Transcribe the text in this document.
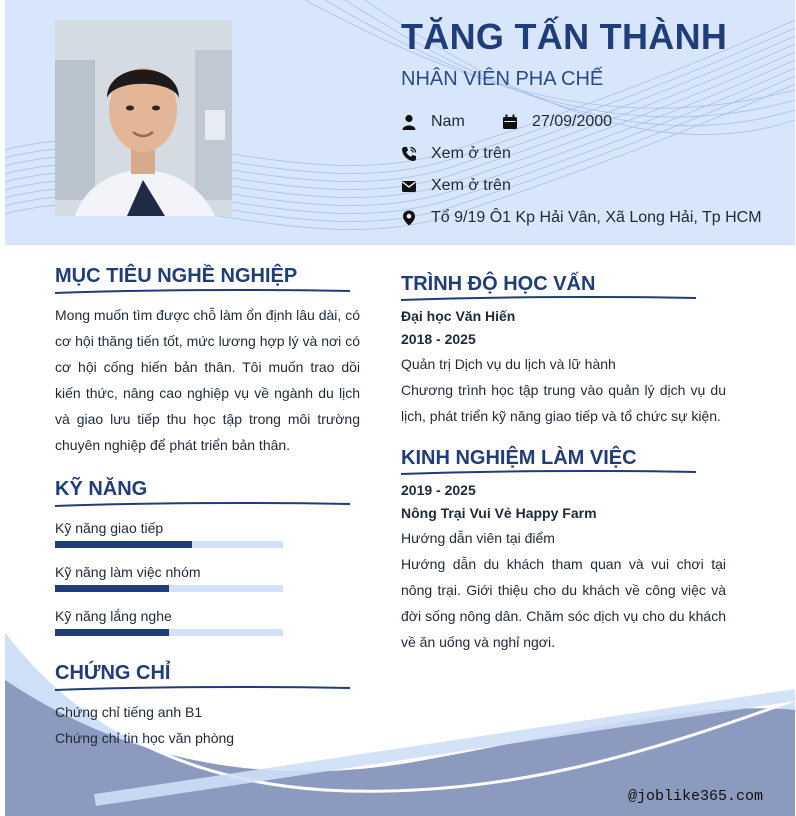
TĂNG TẤN THÀNH
NHÂN VIÊN PHA CHẾ
Nam	27/09/2000
Xem ở trên
Xem ở trên
Tổ 9/19 Ô1 Kp Hải Vân, Xã Long Hải, Tp HCM
MỤC TIÊU NGHỀ NGHIỆP
Mong muốn tìm được chỗ làm ổn định lâu dài, có cơ hội thăng tiến tốt, mức lương hợp lý và nơi có cơ hội cống hiến bản thân. Tôi muốn trao dồi kiến thức, nâng cao nghiệp vụ về ngành du lịch và giao lưu tiếp thu học tập trong môi trường chuyên nghiệp để phát triển bản thân.
KỸ NĂNG
Kỹ năng giao tiếp
Kỹ năng làm việc nhóm
Kỹ năng lắng nghe
CHỨNG CHỈ
Chứng chỉ tiếng anh B1
Chứng chỉ tin học văn phòng
TRÌNH ĐỘ HỌC VẤN
Đại học Văn Hiến
2018 - 2025
Quản trị Dịch vụ du lịch và lữ hành
Chương trình học tập trung vào quản lý dịch vụ du lịch, phát triển kỹ năng giao tiếp và tổ chức sự kiện.
KINH NGHIỆM LÀM VIỆC
2019 - 2025
Nông Trại Vui Vẻ Happy Farm
Hướng dẫn viên tại điểm
Hướng dẫn du khách tham quan và vui chơi tại nông trại. Giới thiệu cho du khách về công việc và đời sống nông dân. Chăm sóc dịch vụ cho du khách về ăn uống và nghỉ ngơi.
@joblike365.com
